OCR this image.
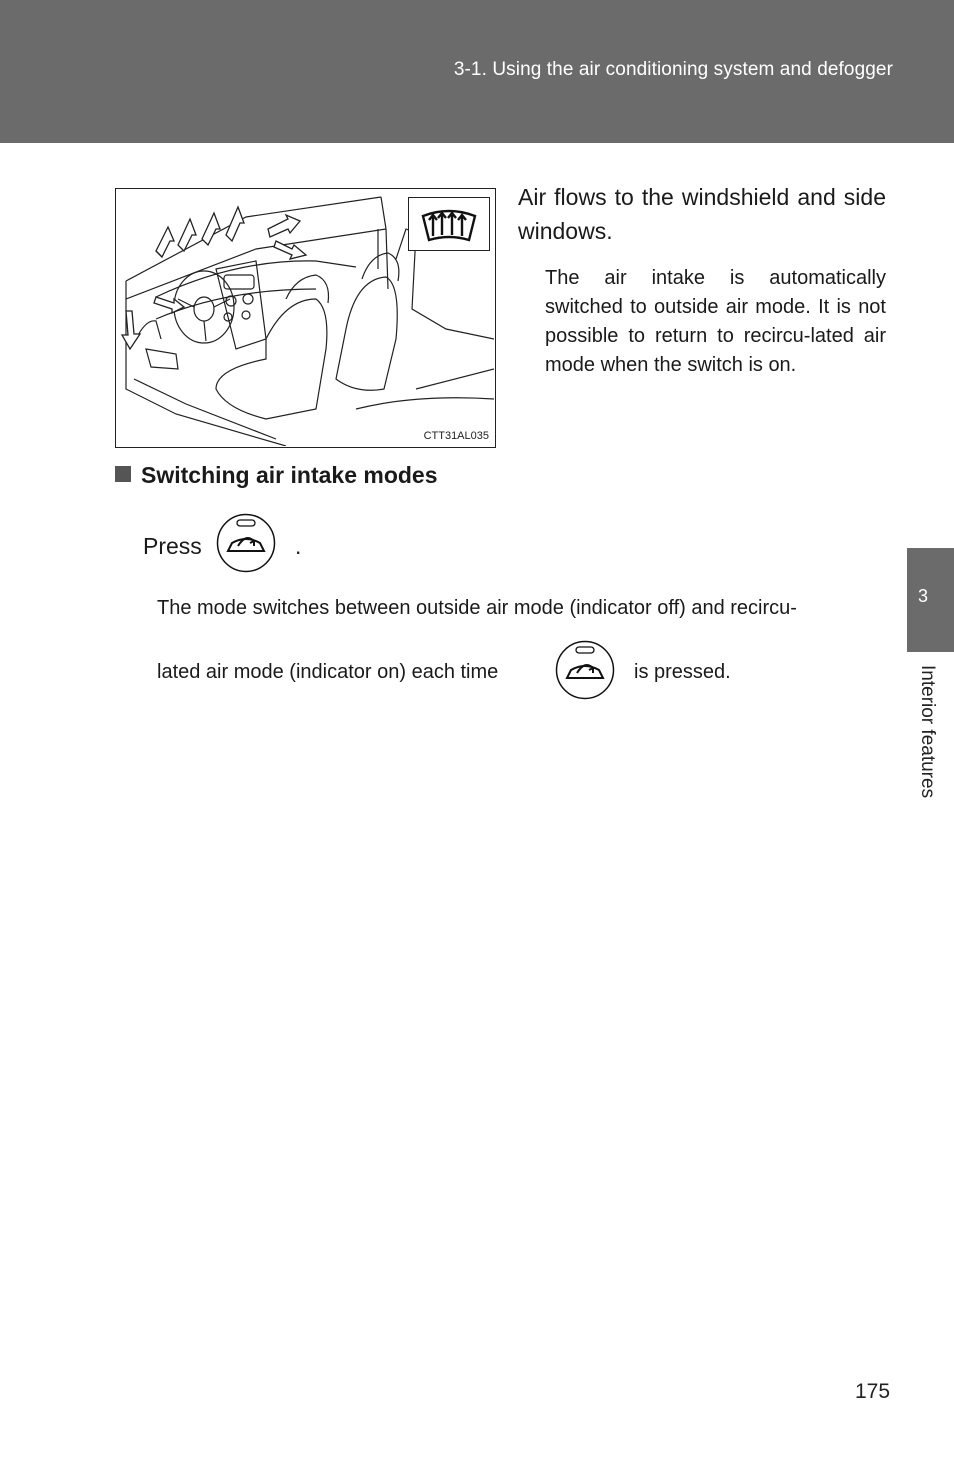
3-1. Using the air conditioning system and defogger
CTT31AL035

Air flows to the windshield and side windows.

The air intake is automatically switched to outside air mode. It is not possible to return to recircu-lated air mode when the switch is on.

Switching air intake modes
Press	.

The mode switches between outside air mode (indicator off) and recircu-

lated air mode (indicator on) each time	is pressed.
3
Interior features
175
